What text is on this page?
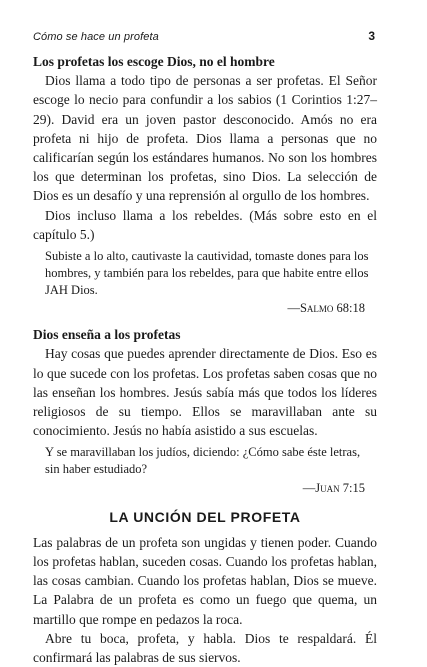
Cómo se hace un profeta	3
Los profetas los escoge Dios, no el hombre

Dios llama a todo tipo de personas a ser profetas. El Señor escoge lo necio para confundir a los sabios (1 Corintios 1:27–29). David era un joven pastor desconocido. Amós no era profeta ni hijo de profeta. Dios llama a personas que no calificarían según los estándares humanos. No son los hombres los que determinan los profetas, sino Dios. La selección de Dios es un desafío y una reprensión al orgullo de los hombres.

Dios incluso llama a los rebeldes. (Más sobre esto en el capítulo 5.)

Subiste a lo alto, cautivaste la cautividad, tomaste dones para los hombres, y también para los rebeldes, para que habite entre ellos JAH Dios.
—Salmo 68:18
Dios enseña a los profetas

Hay cosas que puedes aprender directamente de Dios. Eso es lo que sucede con los profetas. Los profetas saben cosas que no las enseñan los hombres. Jesús sabía más que todos los líderes religiosos de su tiempo. Ellos se maravillaban ante su conocimiento. Jesús no había asistido a sus escuelas.

Y se maravillaban los judíos, diciendo: ¿Cómo sabe éste letras, sin haber estudiado?
—Juan 7:15
LA UNCIÓN DEL PROFETA

Las palabras de un profeta son ungidas y tienen poder. Cuando los profetas hablan, suceden cosas. Cuando los profetas hablan, las cosas cambian. Cuando los profetas hablan, Dios se mueve. La Palabra de un profeta es como un fuego que quema, un martillo que rompe en pedazos la roca.

Abre tu boca, profeta, y habla. Dios te respaldará. Él confirmará las palabras de sus siervos.
